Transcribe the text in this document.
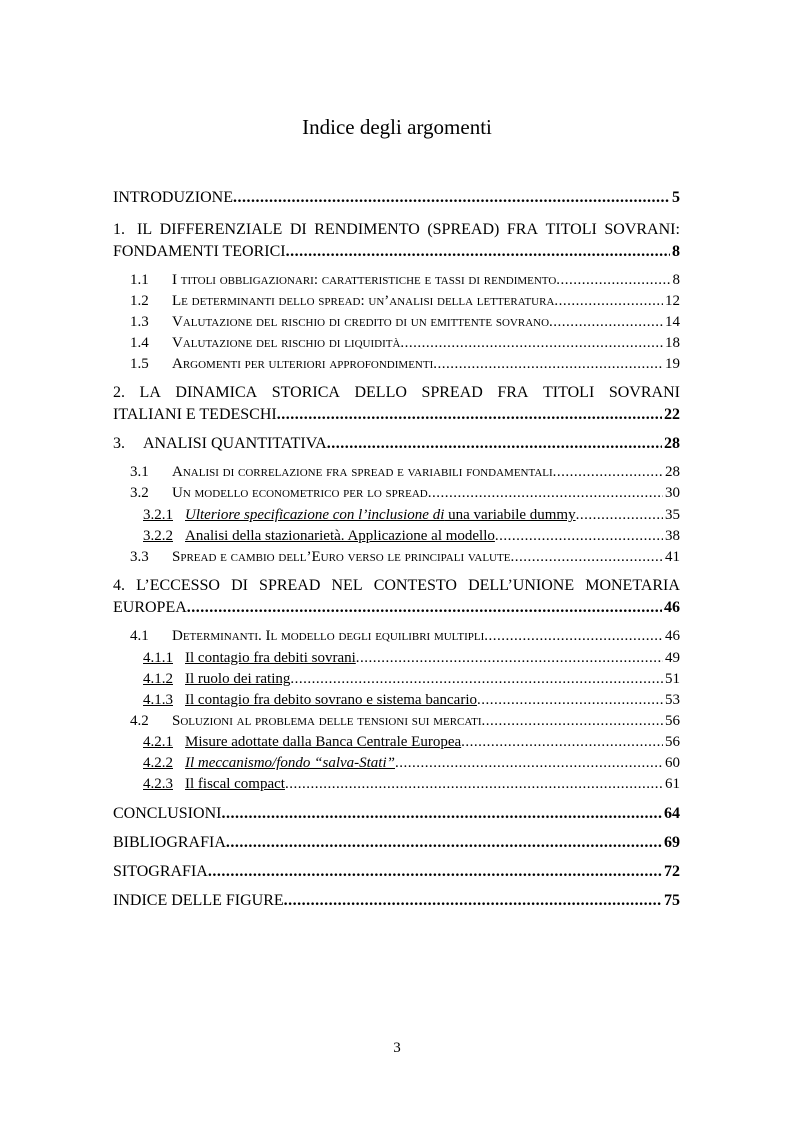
Indice degli argomenti
INTRODUZIONE .....	5
1. IL DIFFERENZIALE DI RENDIMENTO (SPREAD) FRA TITOLI SOVRANI:
FONDAMENTI TEORICI .....	8
1.1	I titoli obbligazionari: caratteristiche e tassi di rendimento .....	8
1.2	Le determinanti dello spread: un’analisi della letteratura .....	12
1.3	Valutazione del rischio di credito di un emittente sovrano .....	14
1.4	Valutazione del rischio di liquidità .....	18
1.5	Argomenti per ulteriori approfondimenti .....	19
2. LA DINAMICA STORICA DELLO SPREAD FRA TITOLI SOVRANI
ITALIANI E TEDESCHI .....	22
3.	ANALISI QUANTITATIVA .....	28
3.1	Analisi di correlazione fra spread e variabili fondamentali .....	28
3.2	Un modello econometrico per lo spread .....	30
3.2.1 Ulteriore specificazione con l’inclusione di una variabile dummy .....	35
3.2.2 Analisi della stazionarietà. Applicazione al modello .....	38
3.3	Spread e cambio dell’Euro verso le principali valute .....	41
4. L’ECCESSO DI SPREAD NEL CONTESTO DELL’UNIONE MONETARIA
EUROPEA .....	46
4.1	Determinanti. Il modello degli equilibri multipli .....	46
4.1.1 Il contagio fra debiti sovrani .....	49
4.1.2 Il ruolo dei rating .....	51
4.1.3 Il contagio fra debito sovrano e sistema bancario .....	53
4.2	Soluzioni al problema delle tensioni sui mercati .....	56
4.2.1 Misure adottate dalla Banca Centrale Europea .....	56
4.2.2 Il meccanismo/fondo “salva-Stati” .....	60
4.2.3 Il fiscal compact .....	61
CONCLUSIONI .....	64
BIBLIOGRAFIA .....	69
SITOGRAFIA .....	72
INDICE DELLE FIGURE .....	75
3
